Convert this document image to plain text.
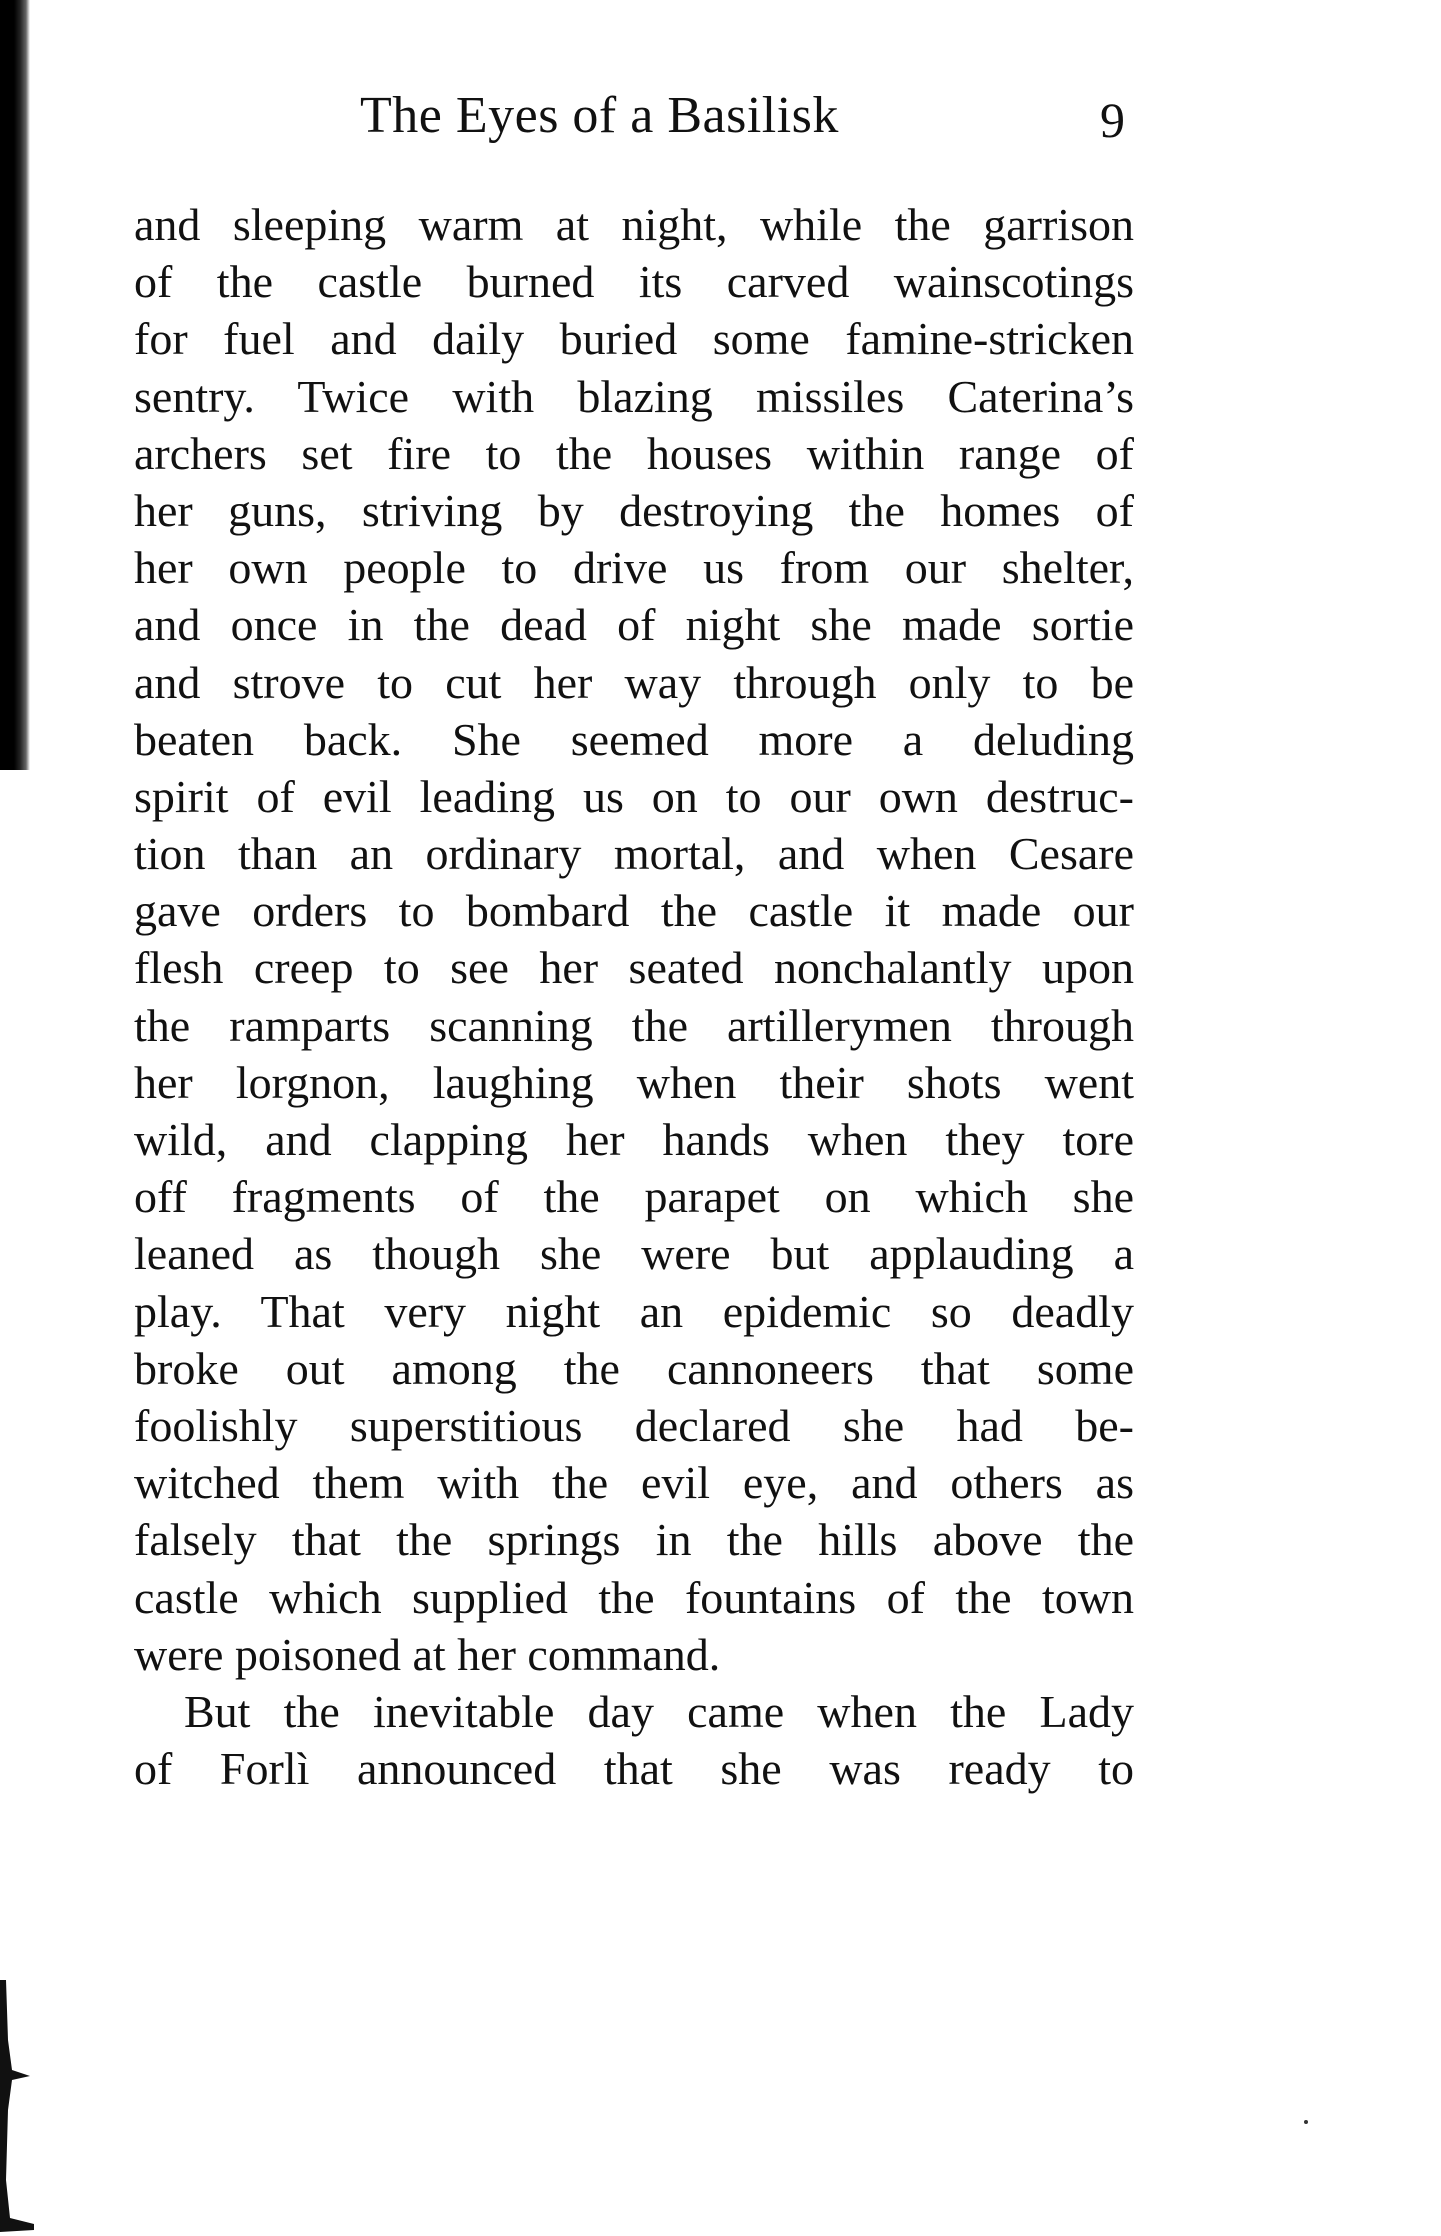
The Eyes of a Basilisk	9
and sleeping warm at night, while the garrison
of the castle burned its carved wainscotings
for fuel and daily buried some famine-stricken
sentry. Twice with blazing missiles Caterina’s
archers set fire to the houses within range of
her guns, striving by destroying the homes of
her own people to drive us from our shelter,
and once in the dead of night she made sortie
and strove to cut her way through only to be
beaten back. She seemed more a deluding
spirit of evil leading us on to our own destruc-
tion than an ordinary mortal, and when Cesare
gave orders to bombard the castle it made our
flesh creep to see her seated nonchalantly upon
the ramparts scanning the artillerymen through
her lorgnon, laughing when their shots went
wild, and clapping her hands when they tore
off fragments of the parapet on which she
leaned as though she were but applauding a
play. That very night an epidemic so deadly
broke out among the cannoneers that some
foolishly superstitious declared she had be-
witched them with the evil eye, and others as
falsely that the springs in the hills above the
castle which supplied the fountains of the town
were poisoned at her command.
But the inevitable day came when the Lady
of Forlì announced that she was ready to
